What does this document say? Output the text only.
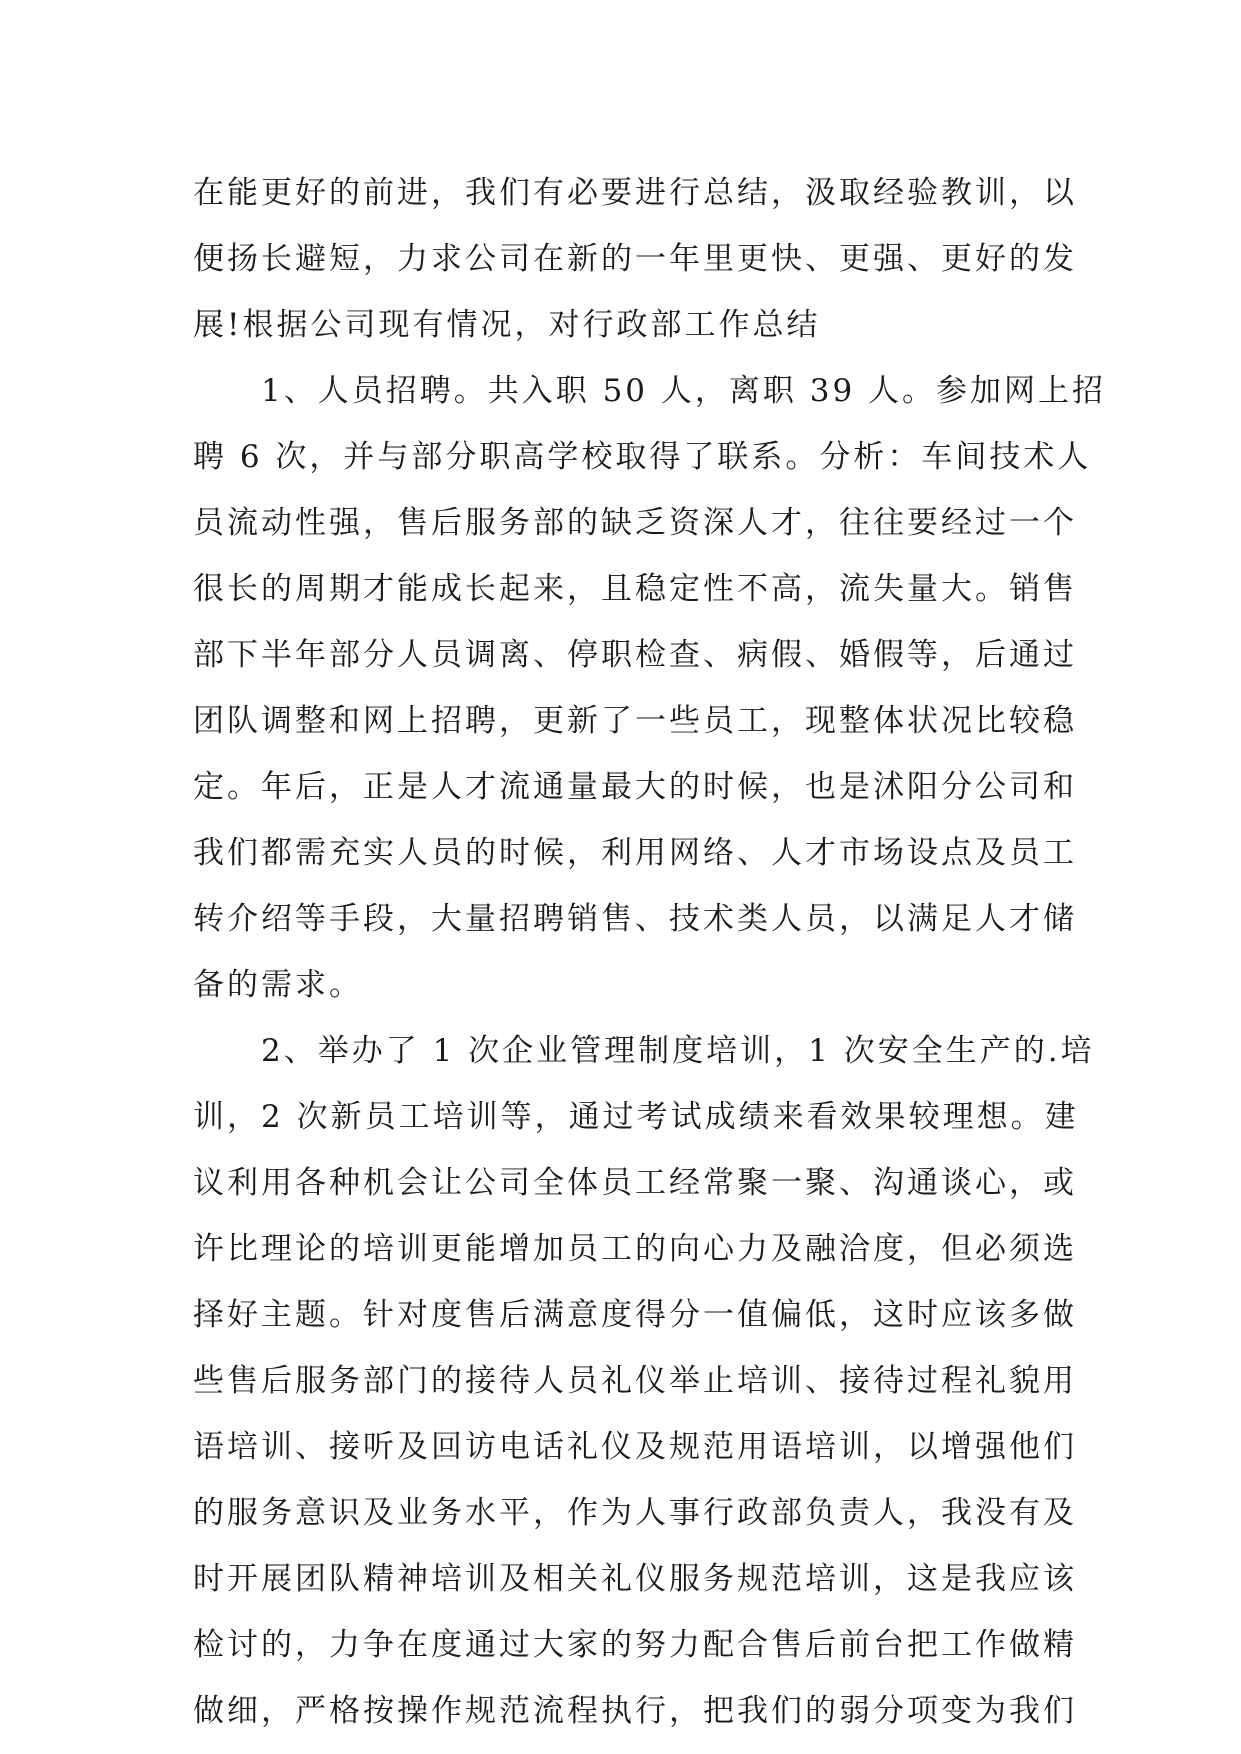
在能更好的前进，我们有必要进行总结，汲取经验教训，以
便扬长避短，力求公司在新的一年里更快、更强、更好的发
展!根据公司现有情况，对行政部工作总结
1、人员招聘。共入职 50 人，离职 39 人。参加网上招
聘 6 次，并与部分职高学校取得了联系。分析：车间技术人
员流动性强，售后服务部的缺乏资深人才，往往要经过一个
很长的周期才能成长起来，且稳定性不高，流失量大。销售
部下半年部分人员调离、停职检查、病假、婚假等，后通过
团队调整和网上招聘，更新了一些员工，现整体状况比较稳
定。年后，正是人才流通量最大的时候，也是沭阳分公司和
我们都需充实人员的时候，利用网络、人才市场设点及员工
转介绍等手段，大量招聘销售、技术类人员，以满足人才储
备的需求。
2、举办了 1 次企业管理制度培训，1 次安全生产的.培
训，2 次新员工培训等，通过考试成绩来看效果较理想。建
议利用各种机会让公司全体员工经常聚一聚、沟通谈心，或
许比理论的培训更能增加员工的向心力及融洽度，但必须选
择好主题。针对度售后满意度得分一值偏低，这时应该多做
些售后服务部门的接待人员礼仪举止培训、接待过程礼貌用
语培训、接听及回访电话礼仪及规范用语培训，以增强他们
的服务意识及业务水平，作为人事行政部负责人，我没有及
时开展团队精神培训及相关礼仪服务规范培训，这是我应该
检讨的，力争在度通过大家的努力配合售后前台把工作做精
做细，严格按操作规范流程执行，把我们的弱分项变为我们
